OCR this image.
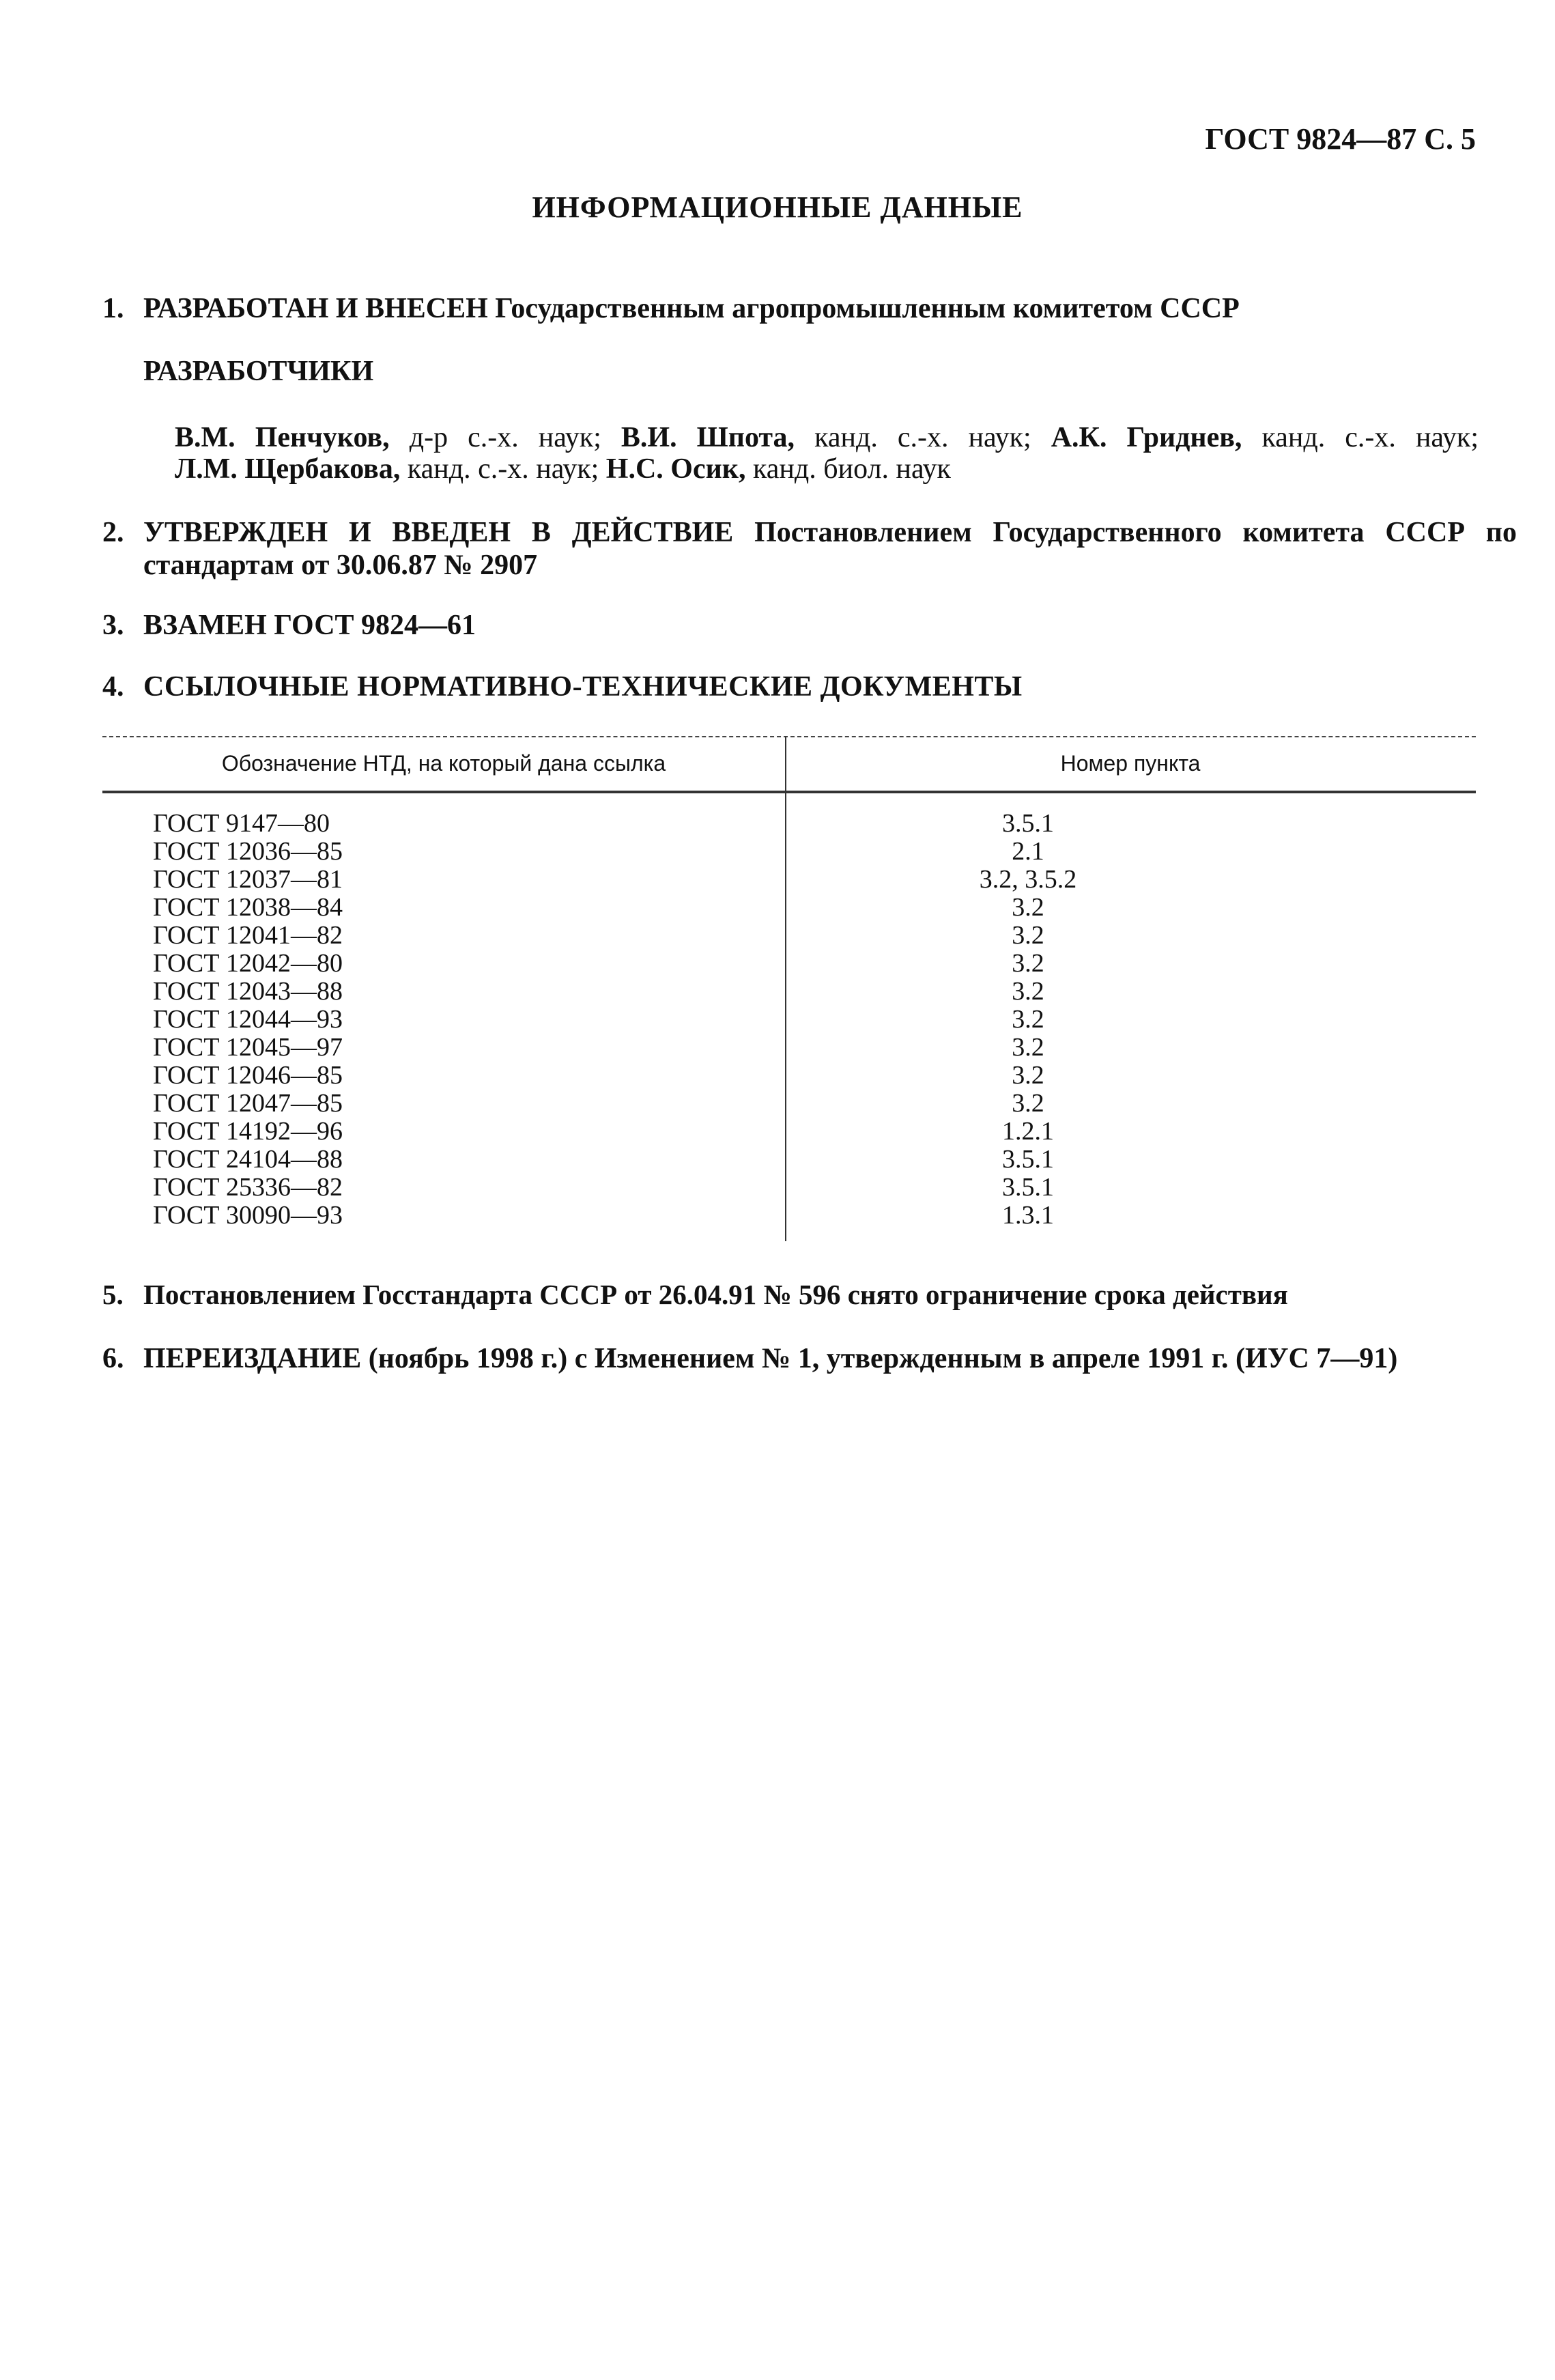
ГОСТ 9824—87 С. 5
ИНФОРМАЦИОННЫЕ ДАННЫЕ
1. РАЗРАБОТАН И ВНЕСЕН Государственным агропромышленным комитетом СССР
РАЗРАБОТЧИКИ
В.М. Пенчуков, д-р с.-х. наук; В.И. Шпота, канд. с.-х. наук; А.К. Гриднев, канд. с.-х. наук;
Л.М. Щербакова, канд. с.-х. наук; Н.С. Осик, канд. биол. наук
2. УТВЕРЖДЕН И ВВЕДЕН В ДЕЙСТВИЕ Постановлением Государственного комитета СССР по стандартам от 30.06.87 № 2907
3. ВЗАМЕН ГОСТ 9824—61
4. ССЫЛОЧНЫЕ НОРМАТИВНО-ТЕХНИЧЕСКИЕ ДОКУМЕНТЫ
Обозначение НТД, на который дана ссылка	Номер пункта
ГОСТ 9147—80	3.5.1
ГОСТ 12036—85	2.1
ГОСТ 12037—81	3.2, 3.5.2
ГОСТ 12038—84	3.2
ГОСТ 12041—82	3.2
ГОСТ 12042—80	3.2
ГОСТ 12043—88	3.2
ГОСТ 12044—93	3.2
ГОСТ 12045—97	3.2
ГОСТ 12046—85	3.2
ГОСТ 12047—85	3.2
ГОСТ 14192—96	1.2.1
ГОСТ 24104—88	3.5.1
ГОСТ 25336—82	3.5.1
ГОСТ 30090—93	1.3.1
5. Постановлением Госстандарта СССР от 26.04.91 № 596 снято ограничение срока действия
6. ПЕРЕИЗДАНИЕ (ноябрь 1998 г.) с Изменением № 1, утвержденным в апреле 1991 г. (ИУС 7—91)
